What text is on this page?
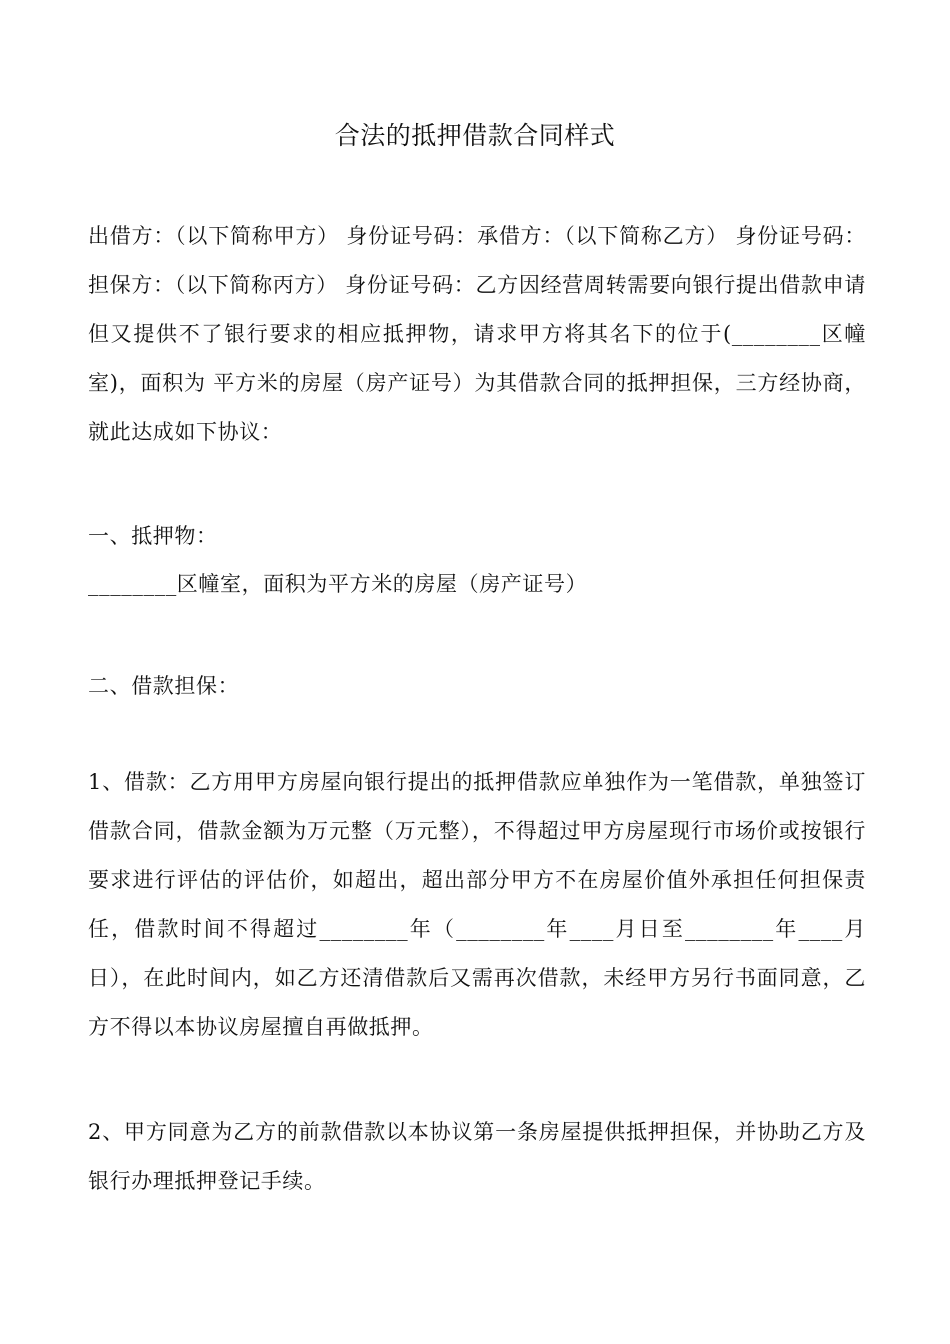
合法的抵押借款合同样式

出借方：（以下简称甲方） 身份证号码：承借方：（以下简称乙方） 身份证号码：担保方：（以下简称丙方） 身份证号码：乙方因经营周转需要向银行提出借款申请但又提供不了银行要求的相应抵押物，请求甲方将其名下的位于(________区幢室)，面积为 平方米的房屋（房产证号）为其借款合同的抵押担保，三方经协商，就此达成如下协议：

一、抵押物：

________区幢室，面积为平方米的房屋（房产证号）

二、借款担保：

1、借款：乙方用甲方房屋向银行提出的抵押借款应单独作为一笔借款，单独签订借款合同，借款金额为万元整（万元整），不得超过甲方房屋现行市场价或按银行要求进行评估的评估价，如超出，超出部分甲方不在房屋价值外承担任何担保责任，借款时间不得超过________年（________年____月日至________年____月日），在此时间内，如乙方还清借款后又需再次借款，未经甲方另行书面同意，乙方不得以本协议房屋擅自再做抵押。

2、甲方同意为乙方的前款借款以本协议第一条房屋提供抵押担保，并协助乙方及银行办理抵押登记手续。
